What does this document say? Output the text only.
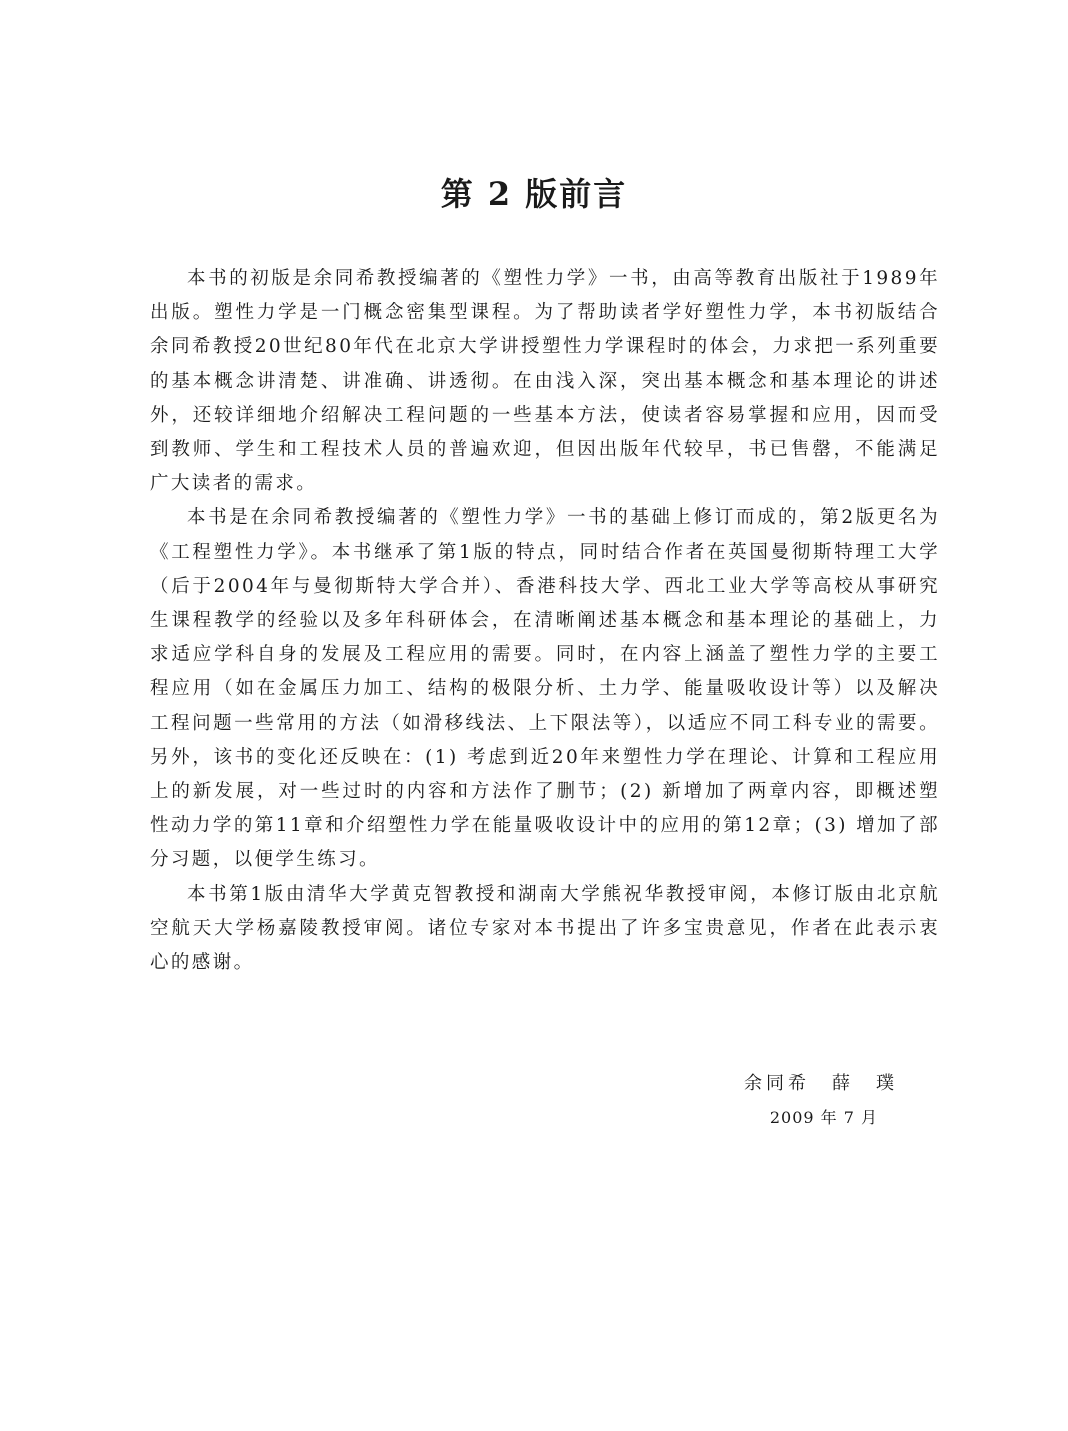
第 2 版前言

本书的初版是余同希教授编著的《塑性力学》一书，由高等教育出版社于1989年出版。塑性力学是一门概念密集型课程。为了帮助读者学好塑性力学，本书初版结合余同希教授20世纪80年代在北京大学讲授塑性力学课程时的体会，力求把一系列重要的基本概念讲清楚、讲准确、讲透彻。在由浅入深，突出基本概念和基本理论的讲述外，还较详细地介绍解决工程问题的一些基本方法，使读者容易掌握和应用，因而受到教师、学生和工程技术人员的普遍欢迎，但因出版年代较早，书已售罄，不能满足广大读者的需求。

本书是在余同希教授编著的《塑性力学》一书的基础上修订而成的，第2版更名为《工程塑性力学》。本书继承了第1版的特点，同时结合作者在英国曼彻斯特理工大学（后于2004年与曼彻斯特大学合并）、香港科技大学、西北工业大学等高校从事研究生课程教学的经验以及多年科研体会，在清晰阐述基本概念和基本理论的基础上，力求适应学科自身的发展及工程应用的需要。同时，在内容上涵盖了塑性力学的主要工程应用（如在金属压力加工、结构的极限分析、土力学、能量吸收设计等）以及解决工程问题一些常用的方法（如滑移线法、上下限法等），以适应不同工科专业的需要。另外，该书的变化还反映在：(1) 考虑到近20年来塑性力学在理论、计算和工程应用上的新发展，对一些过时的内容和方法作了删节；(2) 新增加了两章内容，即概述塑性动力学的第11章和介绍塑性力学在能量吸收设计中的应用的第12章；(3) 增加了部分习题，以便学生练习。

本书第1版由清华大学黄克智教授和湖南大学熊祝华教授审阅，本修订版由北京航空航天大学杨嘉陵教授审阅。诸位专家对本书提出了许多宝贵意见，作者在此表示衷心的感谢。

余同希　薛　璞
2009 年 7 月
